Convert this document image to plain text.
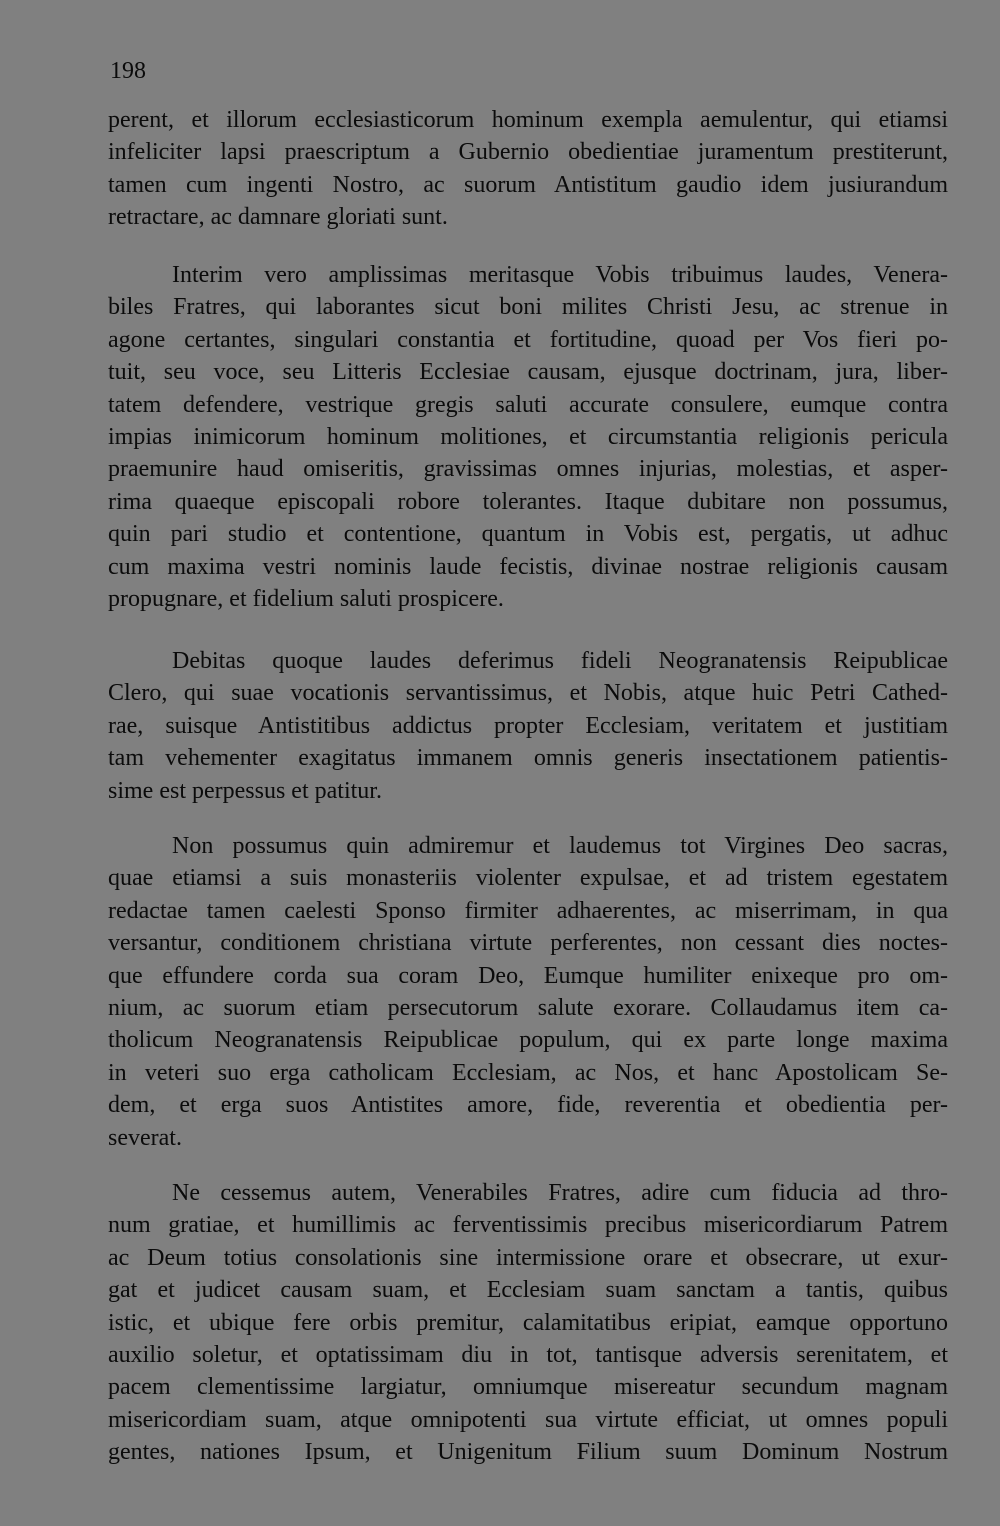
198
perent, et illorum ecclesiasticorum hominum exempla aemulentur, qui etiamsi
infeliciter lapsi praescriptum a Gubernio obedientiae juramentum prestiterunt,
tamen cum ingenti Nostro, ac suorum Antistitum gaudio idem jusiurandum
retractare, ac damnare gloriati sunt.
Interim vero amplissimas meritasque Vobis tribuimus laudes, Venera-
biles Fratres, qui laborantes sicut boni milites Christi Jesu, ac strenue in
agone certantes, singulari constantia et fortitudine, quoad per Vos fieri po-
tuit, seu voce, seu Litteris Ecclesiae causam, ejusque doctrinam, jura, liber-
tatem defendere, vestrique gregis saluti accurate consulere, eumque contra
impias inimicorum hominum molitiones, et circumstantia religionis pericula
praemunire haud omiseritis, gravissimas omnes injurias, molestias, et asper-
rima quaeque episcopali robore tolerantes. Itaque dubitare non possumus,
quin pari studio et contentione, quantum in Vobis est, pergatis, ut adhuc
cum maxima vestri nominis laude fecistis, divinae nostrae religionis causam
propugnare, et fidelium saluti prospicere.
Debitas quoque laudes deferimus fideli Neogranatensis Reipublicae
Clero, qui suae vocationis servantissimus, et Nobis, atque huic Petri Cathed-
rae, suisque Antistitibus addictus propter Ecclesiam, veritatem et justitiam
tam vehementer exagitatus immanem omnis generis insectationem patientis-
sime est perpessus et patitur.
Non possumus quin admiremur et laudemus tot Virgines Deo sacras,
quae etiamsi a suis monasteriis violenter expulsae, et ad tristem egestatem
redactae tamen caelesti Sponso firmiter adhaerentes, ac miserrimam, in qua
versantur, conditionem christiana virtute perferentes, non cessant dies noctes-
que effundere corda sua coram Deo, Eumque humiliter enixeque pro om-
nium, ac suorum etiam persecutorum salute exorare. Collaudamus item ca-
tholicum Neogranatensis Reipublicae populum, qui ex parte longe maxima
in veteri suo erga catholicam Ecclesiam, ac Nos, et hanc Apostolicam Se-
dem, et erga suos Antistites amore, fide, reverentia et obedientia per-
severat.
Ne cessemus autem, Venerabiles Fratres, adire cum fiducia ad thro-
num gratiae, et humillimis ac ferventissimis precibus misericordiarum Patrem
ac Deum totius consolationis sine intermissione orare et obsecrare, ut exur-
gat et judicet causam suam, et Ecclesiam suam sanctam a tantis, quibus
istic, et ubique fere orbis premitur, calamitatibus eripiat, eamque opportuno
auxilio soletur, et optatissimam diu in tot, tantisque adversis serenitatem, et
pacem clementissime largiatur, omniumque misereatur secundum magnam
misericordiam suam, atque omnipotenti sua virtute efficiat, ut omnes populi
gentes, nationes Ipsum, et Unigenitum Filium suum Dominum Nostrum
